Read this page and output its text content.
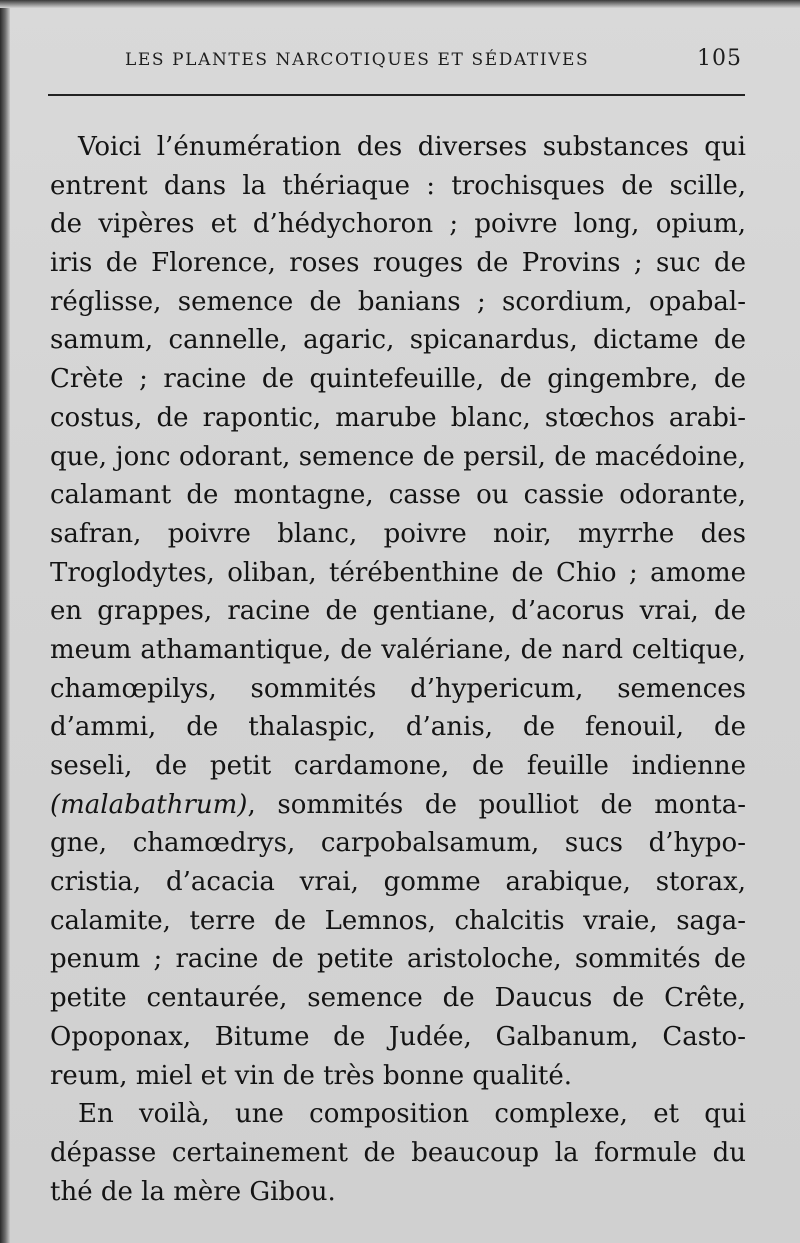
LES PLANTES NARCOTIQUES ET SÉDATIVES	105
Voici l’énumération des diverses substances qui
entrent dans la thériaque : trochisques de scille,
de vipères et d’hédychoron ; poivre long, opium,
iris de Florence, roses rouges de Provins ; suc de
réglisse, semence de banians ; scordium, opabal-
samum, cannelle, agaric, spicanardus, dictame de
Crète ; racine de quintefeuille, de gingembre, de
costus, de rapontic, marube blanc, stœchos arabi-
que, jonc odorant, semence de persil, de macédoine,
calamant de montagne, casse ou cassie odorante,
safran, poivre blanc, poivre noir, myrrhe des
Troglodytes, oliban, térébenthine de Chio ; amome
en grappes, racine de gentiane, d’acorus vrai, de
meum athamantique, de valériane, de nard celtique,
chamœpilys, sommités d’hypericum, semences
d’ammi, de thalaspic, d’anis, de fenouil, de
seseli, de petit cardamone, de feuille indienne
(malabathrum), sommités de poulliot de monta-
gne, chamœdrys, carpobalsamum, sucs d’hypo-
cristia, d’acacia vrai, gomme arabique, storax,
calamite, terre de Lemnos, chalcitis vraie, saga-
penum ; racine de petite aristoloche, sommités de
petite centaurée, semence de Daucus de Crête,
Opoponax, Bitume de Judée, Galbanum, Casto-
reum, miel et vin de très bonne qualité.
En voilà, une composition complexe, et qui
dépasse certainement de beaucoup la formule du
thé de la mère Gibou.
